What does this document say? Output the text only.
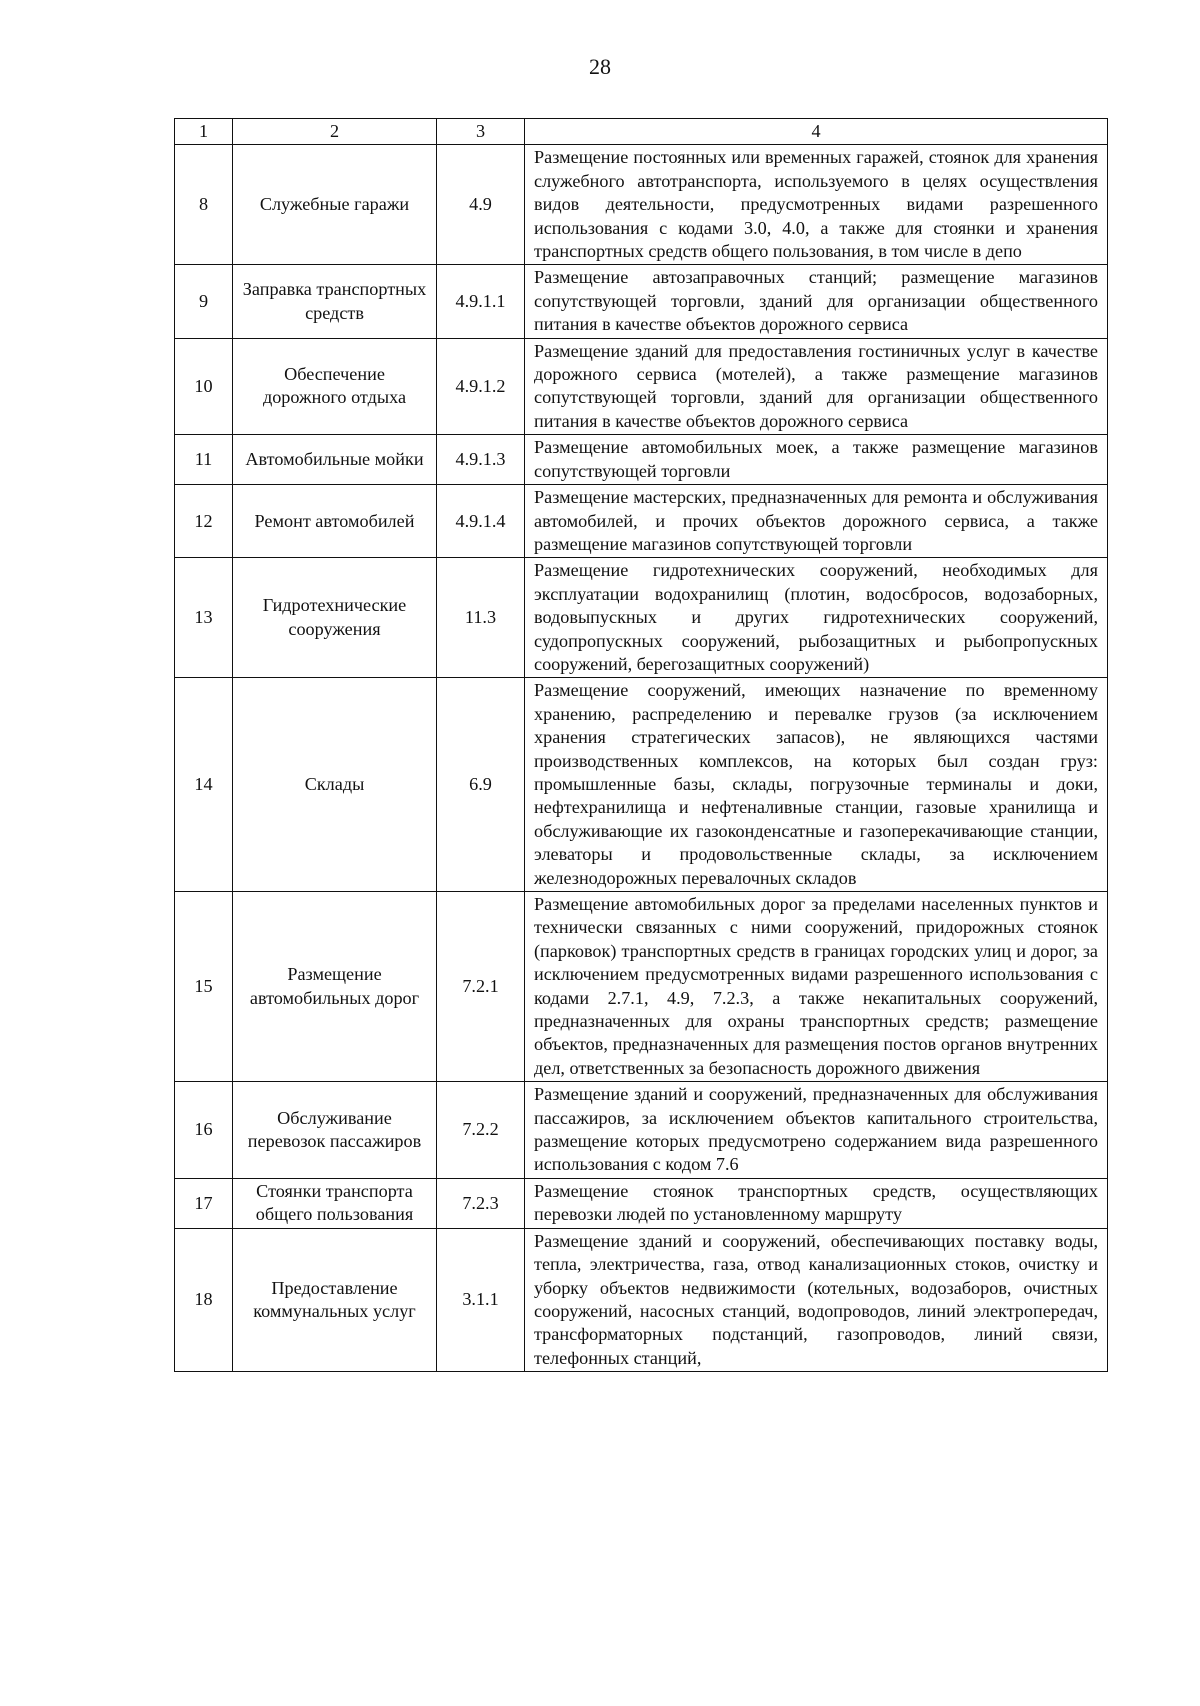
28
1	2	3	4
8	Служебные гаражи	4.9	Размещение постоянных или временных гаражей, стоянок для хранения служебного автотранспорта, используемого в целях осуществления видов деятельности, предусмотренных видами разрешенного использования с кодами 3.0, 4.0, а также для стоянки и хранения транспортных средств общего пользования, в том числе в депо
9	Заправка транспортных средств	4.9.1.1	Размещение автозаправочных станций; размещение магазинов сопутствующей торговли, зданий для организации общественного питания в качестве объектов дорожного сервиса
10	Обеспечение дорожного отдыха	4.9.1.2	Размещение зданий для предоставления гостиничных услуг в качестве дорожного сервиса (мотелей), а также размещение магазинов сопутствующей торговли, зданий для организации общественного питания в качестве объектов дорожного сервиса
11	Автомобильные мойки	4.9.1.3	Размещение автомобильных моек, а также размещение магазинов сопутствующей торговли
12	Ремонт автомобилей	4.9.1.4	Размещение мастерских, предназначенных для ремонта и обслуживания автомобилей, и прочих объектов дорожного сервиса, а также размещение магазинов сопутствующей торговли
13	Гидротехнические сооружения	11.3	Размещение гидротехнических сооружений, необходимых для эксплуатации водохранилищ (плотин, водосбросов, водозаборных, водовыпускных и других гидротехнических сооружений, судопропускных сооружений, рыбозащитных и рыбопропускных сооружений, берегозащитных сооружений)
14	Склады	6.9	Размещение сооружений, имеющих назначение по временному хранению, распределению и перевалке грузов (за исключением хранения стратегических запасов), не являющихся частями производственных комплексов, на которых был создан груз: промышленные базы, склады, погрузочные терминалы и доки, нефтехранилища и нефтеналивные станции, газовые хранилища и обслуживающие их газоконденсатные и газоперекачивающие станции, элеваторы и продовольственные склады, за исключением железнодорожных перевалочных складов
15	Размещение автомобильных дорог	7.2.1	Размещение автомобильных дорог за пределами населенных пунктов и технически связанных с ними сооружений, придорожных стоянок (парковок) транспортных средств в границах городских улиц и дорог, за исключением предусмотренных видами разрешенного использования с кодами 2.7.1, 4.9, 7.2.3, а также некапитальных сооружений, предназначенных для охраны транспортных средств; размещение объектов, предназначенных для размещения постов органов внутренних дел, ответственных за безопасность дорожного движения
16	Обслуживание перевозок пассажиров	7.2.2	Размещение зданий и сооружений, предназначенных для обслуживания пассажиров, за исключением объектов капитального строительства, размещение которых предусмотрено содержанием вида разрешенного использования с кодом 7.6
17	Стоянки транспорта общего пользования	7.2.3	Размещение стоянок транспортных средств, осуществляющих перевозки людей по установленному маршруту
18	Предоставление коммунальных услуг	3.1.1	Размещение зданий и сооружений, обеспечивающих поставку воды, тепла, электричества, газа, отвод канализационных стоков, очистку и уборку объектов недвижимости (котельных, водозаборов, очистных сооружений, насосных станций, водопроводов, линий электропередач, трансформаторных подстанций, газопроводов, линий связи, телефонных станций,
